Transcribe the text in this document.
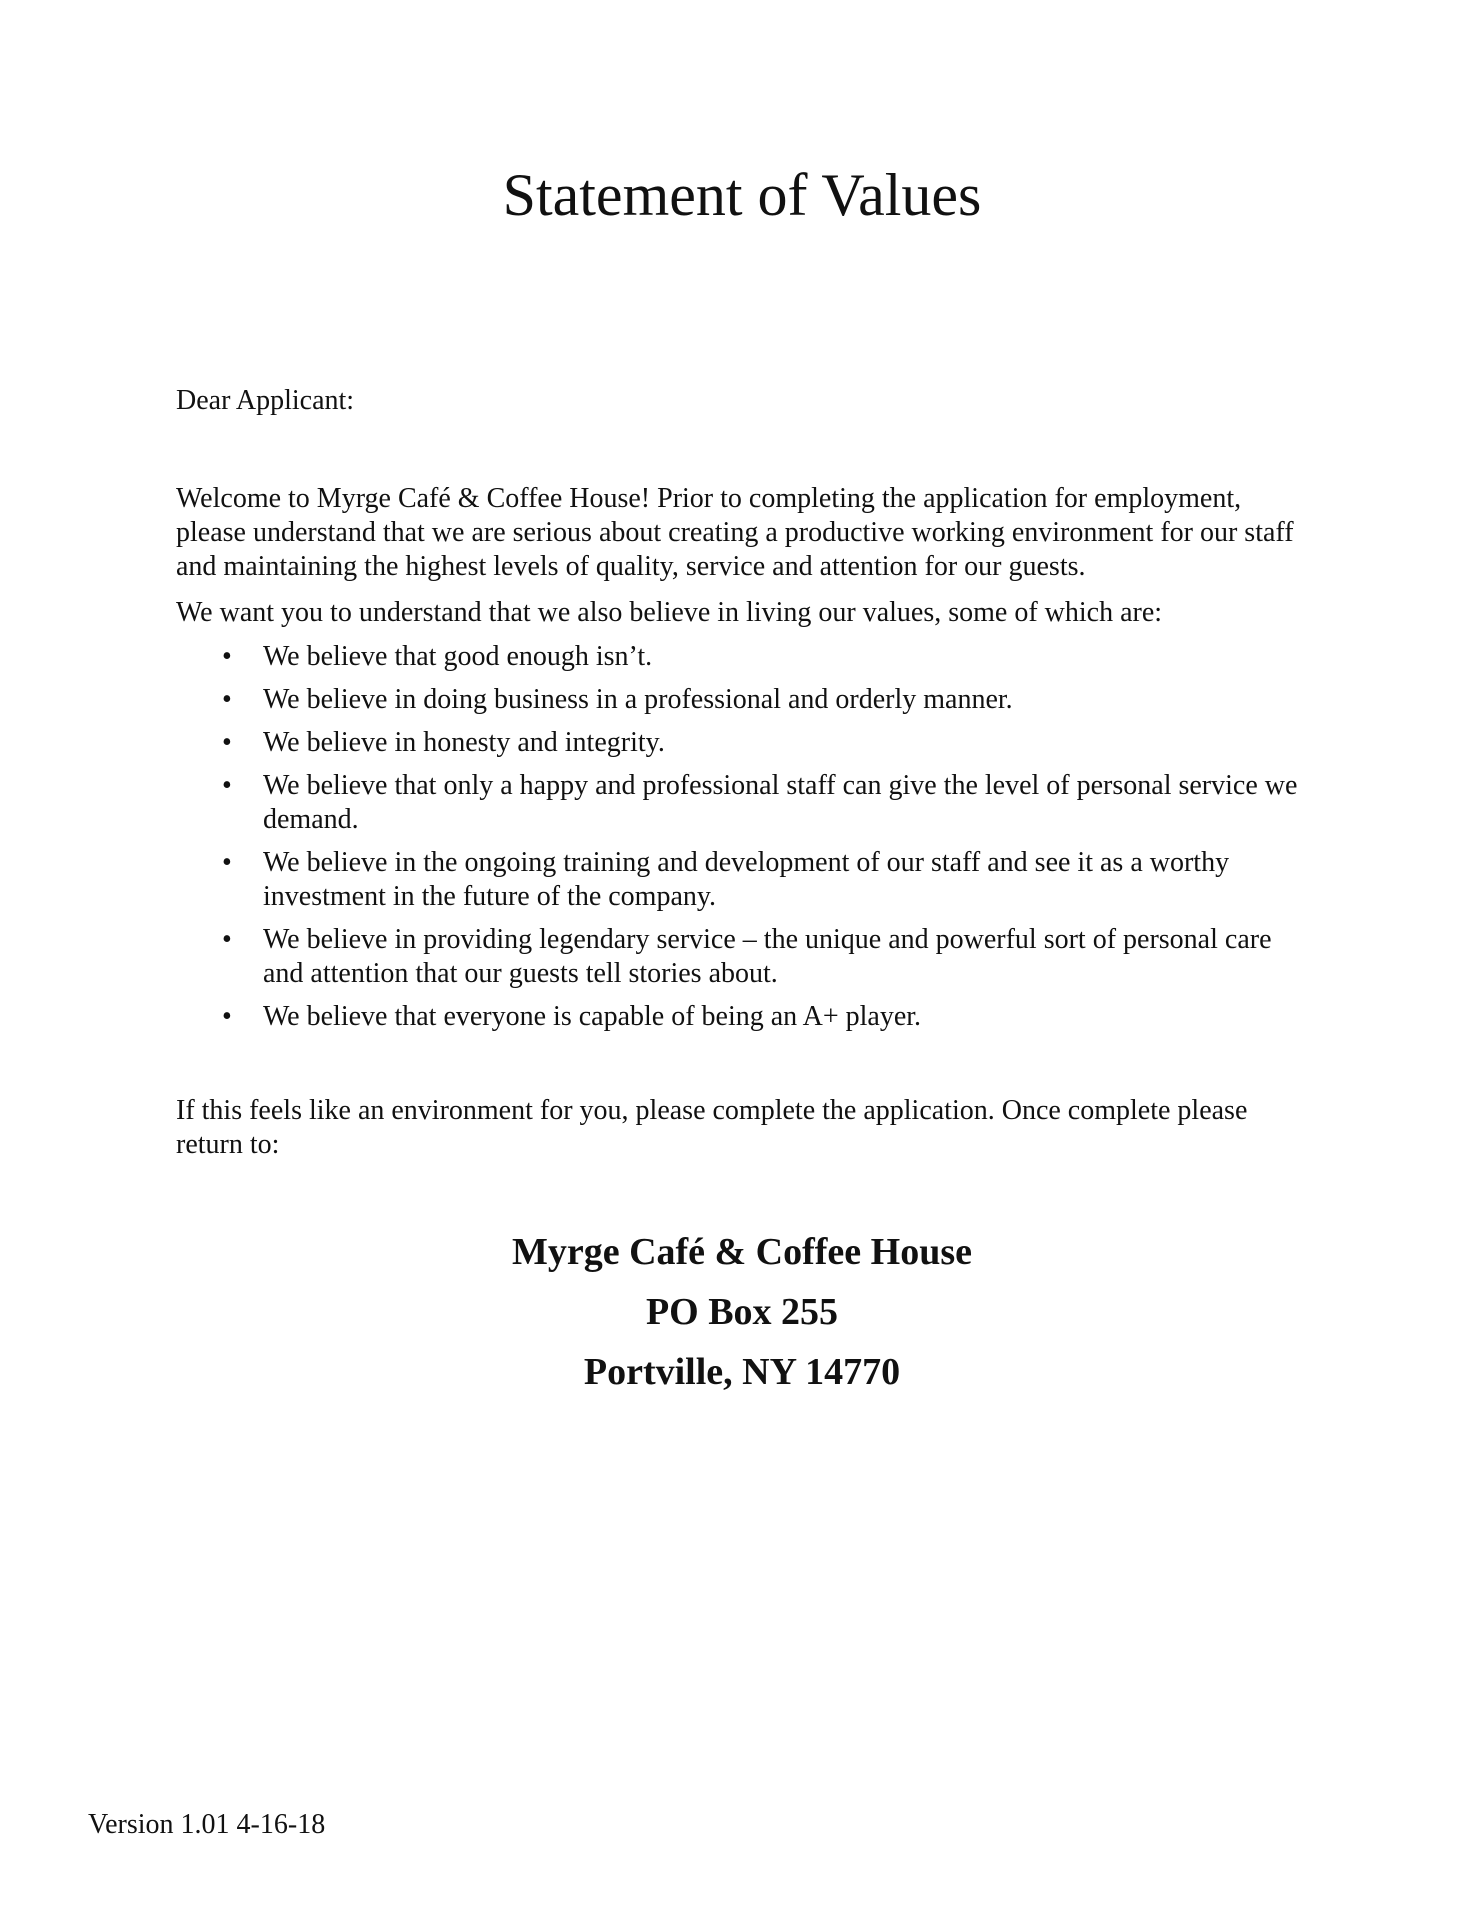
Statement of Values

Dear Applicant:

Welcome to Myrge Café & Coffee House! Prior to completing the application for employment, please understand that we are serious about creating a productive working environment for our staff and maintaining the highest levels of quality, service and attention for our guests.

We want you to understand that we also believe in living our values, some of which are:

• We believe that good enough isn’t.
• We believe in doing business in a professional and orderly manner.
• We believe in honesty and integrity.
• We believe that only a happy and professional staff can give the level of personal service we demand.
• We believe in the ongoing training and development of our staff and see it as a worthy investment in the future of the company.
• We believe in providing legendary service – the unique and powerful sort of personal care and attention that our guests tell stories about.
• We believe that everyone is capable of being an A+ player.

If this feels like an environment for you, please complete the application. Once complete please return to:

Myrge Café & Coffee House
PO Box 255
Portville, NY 14770
Version 1.01 4-16-18
